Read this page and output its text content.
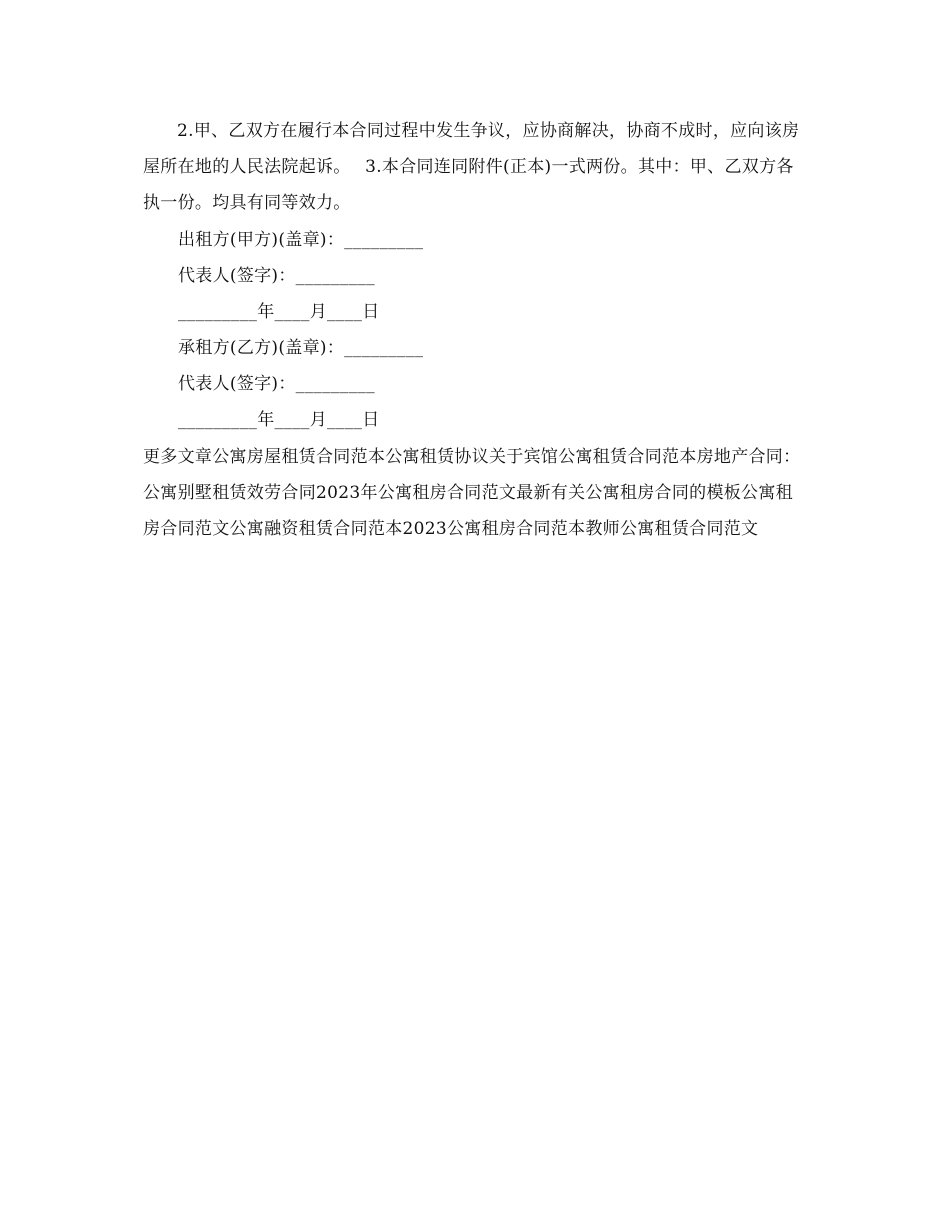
2.甲、乙双方在履行本合同过程中发生争议，应协商解决，协商不成时，应向该房屋所在地的人民法院起诉。　 3.本合同连同附件(正本)一式两份。其中：甲、乙双方各执一份。均具有同等效力。

出租方(甲方)(盖章)：_________
代表人(签字)：_________
_________年____月____日
承租方(乙方)(盖章)：_________
代表人(签字)：_________
_________年____月____日

更多文章公寓房屋租赁合同范本公寓租赁协议关于宾馆公寓租赁合同范本房地产合同：公寓别墅租赁效劳合同2023年公寓租房合同范文最新有关公寓租房合同的模板公寓租房合同范文公寓融资租赁合同范本2023公寓租房合同范本教师公寓租赁合同范文
